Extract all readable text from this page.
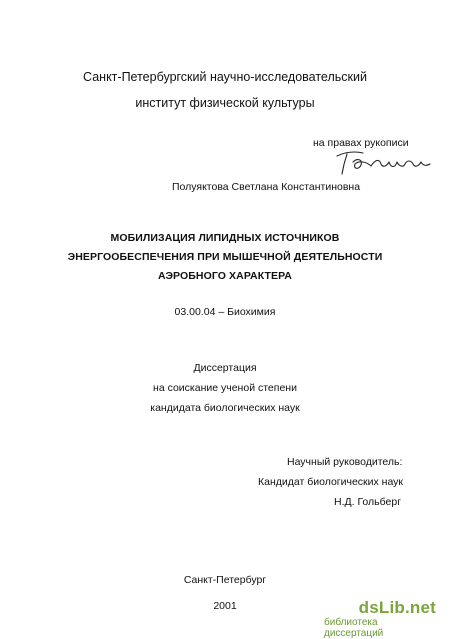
Санкт-Петербургский научно-исследовательский
институт физической культуры
на правах рукописи
Полуяктова Светлана Константиновна
МОБИЛИЗАЦИЯ ЛИПИДНЫХ ИСТОЧНИКОВ
ЭНЕРГООБЕСПЕЧЕНИЯ ПРИ МЫШЕЧНОЙ ДЕЯТЕЛЬНОСТИ
АЭРОБНОГО ХАРАКТЕРА
03.00.04 – Биохимия
Диссертация
на соискание ученой степени
кандидата биологических наук
Научный руководитель:
Кандидат биологических наук
Н.Д. Гольберг
Санкт-Петербург
2001	dsLib.net
библиотека диссертаций
